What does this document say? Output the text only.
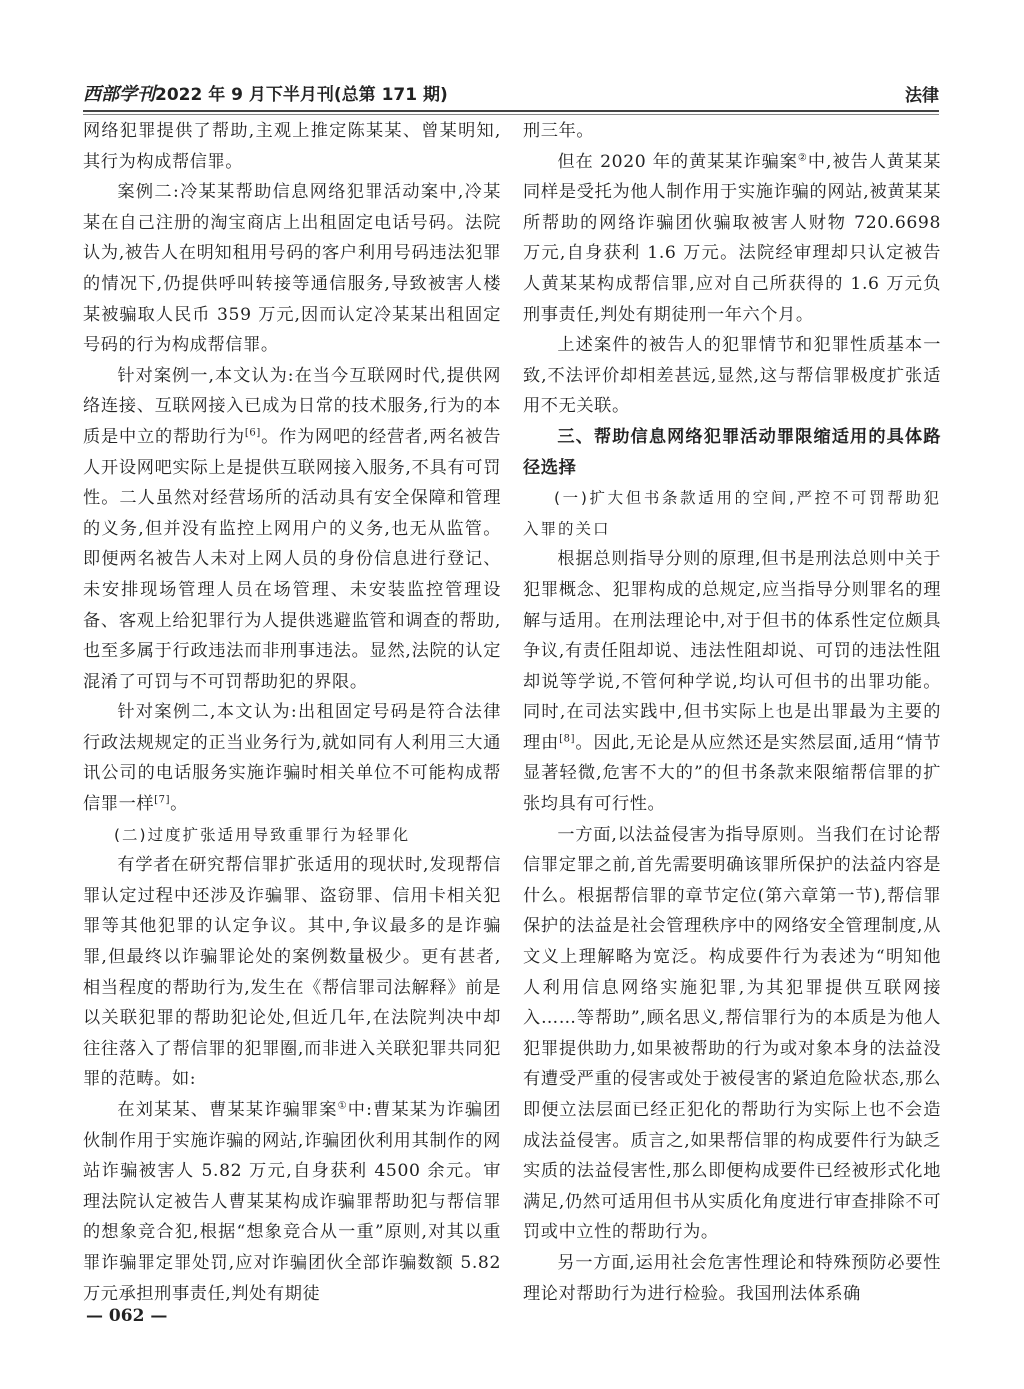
西部学刊2022 年 9 月下半月刊(总第 171 期)	法律

网络犯罪提供了帮助,主观上推定陈某某、曾某明知,其行为构成帮信罪。

案例二:冷某某帮助信息网络犯罪活动案中,冷某某在自己注册的淘宝商店上出租固定电话号码。法院认为,被告人在明知租用号码的客户利用号码违法犯罪的情况下,仍提供呼叫转接等通信服务,导致被害人楼某被骗取人民币 359 万元,因而认定冷某某出租固定号码的行为构成帮信罪。

针对案例一,本文认为:在当今互联网时代,提供网络连接、互联网接入已成为日常的技术服务,行为的本质是中立的帮助行为[6]。作为网吧的经营者,两名被告人开设网吧实际上是提供互联网接入服务,不具有可罚性。二人虽然对经营场所的活动具有安全保障和管理的义务,但并没有监控上网用户的义务,也无从监管。即便两名被告人未对上网人员的身份信息进行登记、未安排现场管理人员在场管理、未安装监控管理设备、客观上给犯罪行为人提供逃避监管和调查的帮助,也至多属于行政违法而非刑事违法。显然,法院的认定混淆了可罚与不可罚帮助犯的界限。

针对案例二,本文认为:出租固定号码是符合法律行政法规规定的正当业务行为,就如同有人利用三大通讯公司的电话服务实施诈骗时相关单位不可能构成帮信罪一样[7]。

(二)过度扩张适用导致重罪行为轻罪化

有学者在研究帮信罪扩张适用的现状时,发现帮信罪认定过程中还涉及诈骗罪、盗窃罪、信用卡相关犯罪等其他犯罪的认定争议。其中,争议最多的是诈骗罪,但最终以诈骗罪论处的案例数量极少。更有甚者,相当程度的帮助行为,发生在《帮信罪司法解释》前是以关联犯罪的帮助犯论处,但近几年,在法院判决中却往往落入了帮信罪的犯罪圈,而非进入关联犯罪共同犯罪的范畴。如:

在刘某某、曹某某诈骗罪案①中:曹某某为诈骗团伙制作用于实施诈骗的网站,诈骗团伙利用其制作的网站诈骗被害人 5.82 万元,自身获利 4500 余元。审理法院认定被告人曹某某构成诈骗罪帮助犯与帮信罪的想象竞合犯,根据“想象竞合从一重”原则,对其以重罪诈骗罪定罪处罚,应对诈骗团伙全部诈骗数额 5.82 万元承担刑事责任,判处有期徒

刑三年。

但在 2020 年的黄某某诈骗案②中,被告人黄某某同样是受托为他人制作用于实施诈骗的网站,被黄某某所帮助的网络诈骗团伙骗取被害人财物 720.6698 万元,自身获利 1.6 万元。法院经审理却只认定被告人黄某某构成帮信罪,应对自己所获得的 1.6 万元负刑事责任,判处有期徒刑一年六个月。

上述案件的被告人的犯罪情节和犯罪性质基本一致,不法评价却相差甚远,显然,这与帮信罪极度扩张适用不无关联。

三、帮助信息网络犯罪活动罪限缩适用的具体路径选择

(一)扩大但书条款适用的空间,严控不可罚帮助犯入罪的关口

根据总则指导分则的原理,但书是刑法总则中关于犯罪概念、犯罪构成的总规定,应当指导分则罪名的理解与适用。在刑法理论中,对于但书的体系性定位颇具争议,有责任阻却说、违法性阻却说、可罚的违法性阻却说等学说,不管何种学说,均认可但书的出罪功能。同时,在司法实践中,但书实际上也是出罪最为主要的理由[8]。因此,无论是从应然还是实然层面,适用“情节显著轻微,危害不大的”的但书条款来限缩帮信罪的扩张均具有可行性。

一方面,以法益侵害为指导原则。当我们在讨论帮信罪定罪之前,首先需要明确该罪所保护的法益内容是什么。根据帮信罪的章节定位(第六章第一节),帮信罪保护的法益是社会管理秩序中的网络安全管理制度,从文义上理解略为宽泛。构成要件行为表述为“明知他人利用信息网络实施犯罪,为其犯罪提供互联网接入……等帮助”,顾名思义,帮信罪行为的本质是为他人犯罪提供助力,如果被帮助的行为或对象本身的法益没有遭受严重的侵害或处于被侵害的紧迫危险状态,那么即便立法层面已经正犯化的帮助行为实际上也不会造成法益侵害。质言之,如果帮信罪的构成要件行为缺乏实质的法益侵害性,那么即便构成要件已经被形式化地满足,仍然可适用但书从实质化角度进行审查排除不可罚或中立性的帮助行为。

另一方面,运用社会危害性理论和特殊预防必要性理论对帮助行为进行检验。我国刑法体系确

— 062 —
